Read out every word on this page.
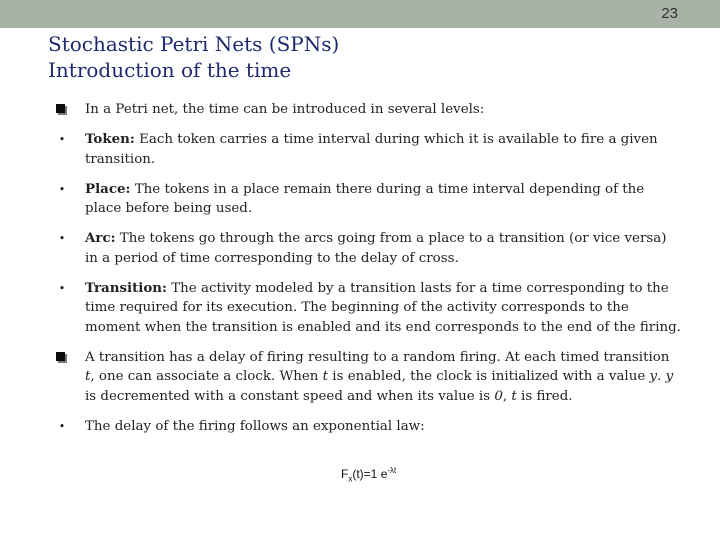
23
Stochastic Petri Nets (SPNs)
Introduction of the time
In a Petri net, the time can be introduced in several levels:
• Token: Each token carries a time interval during which it is available to fire a given transition.
• Place: The tokens in a place remain there during a time interval depending of the place before being used.
• Arc: The tokens go through the arcs going from a place to a transition (or vice versa) in a period of time corresponding to the delay of cross.
• Transition: The activity modeled by a transition lasts for a time corresponding to the time required for its execution. The beginning of the activity corresponds to the moment when the transition is enabled and its end corresponds to the end of the firing.
A transition has a delay of firing resulting to a random firing. At each timed transition t, one can associate a clock. When t is enabled, the clock is initialized with a value y. y is decremented with a constant speed and when its value is 0, t is fired.
• The delay of the firing follows an exponential law:
$F_x(t)=1$ $e^{-\lambda t}$
